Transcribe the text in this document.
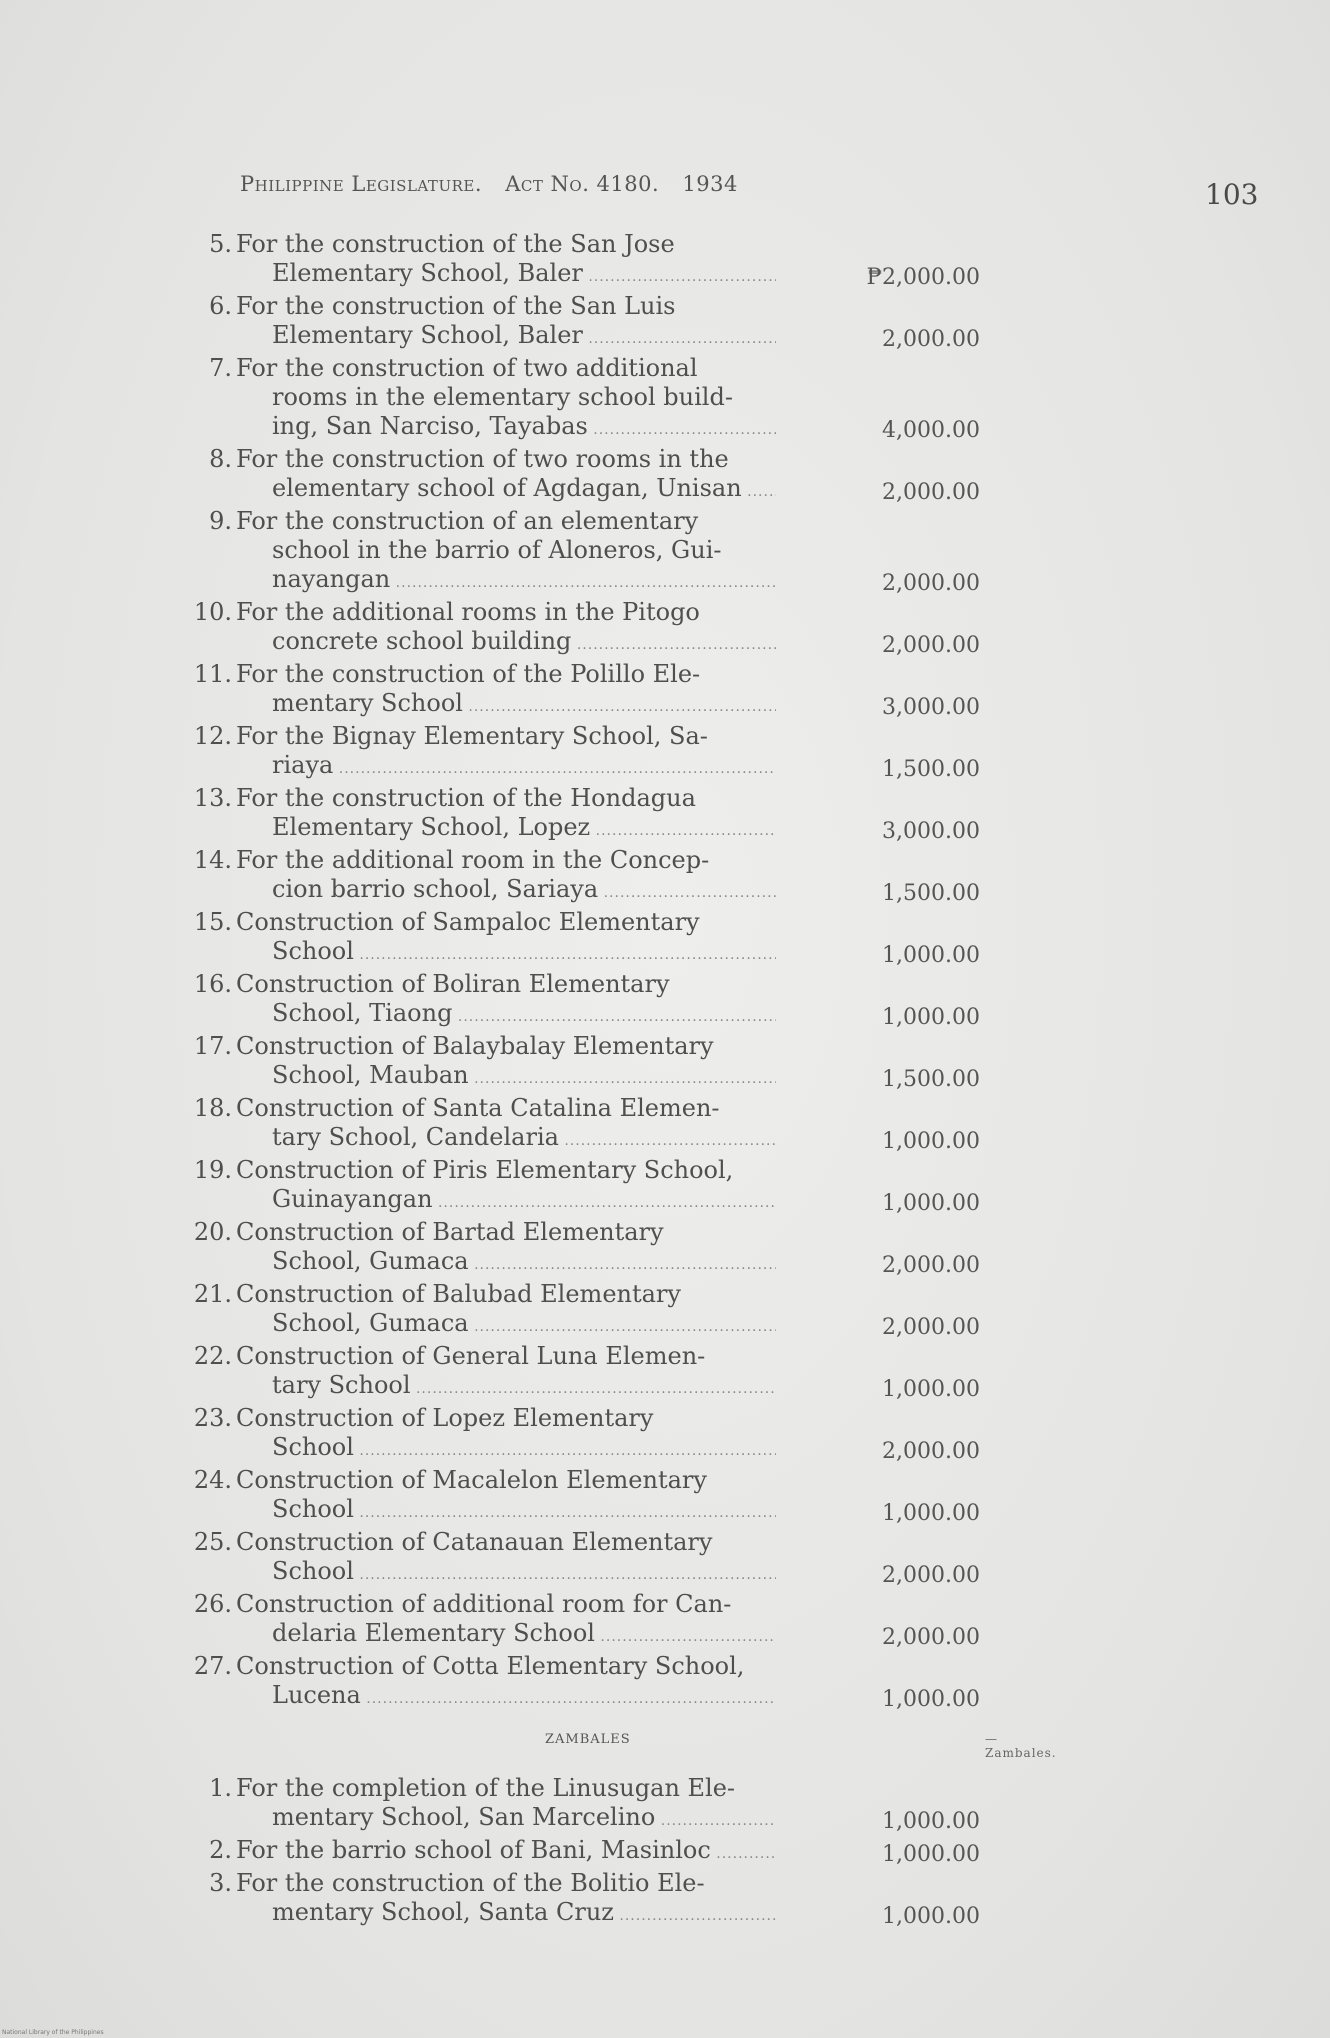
Philippine Legislature. Act No. 4180. 1934	103
5. For the construction of the San Jose
Elementary School, Baler .....	₱2,000.00
6. For the construction of the San Luis
Elementary School, Baler .....	2,000.00
7. For the construction of two additional
rooms in the elementary school build-
ing, San Narciso, Tayabas .....	4,000.00
8. For the construction of two rooms in the
elementary school of Agdagan, Unisan .....	2,000.00
9. For the construction of an elementary
school in the barrio of Aloneros, Gui-
nayangan .....	2,000.00
10. For the additional rooms in the Pitogo
concrete school building .....	2,000.00
11. For the construction of the Polillo Ele-
mentary School .....	3,000.00
12. For the Bignay Elementary School, Sa-
riaya .....	1,500.00
13. For the construction of the Hondagua
Elementary School, Lopez .....	3,000.00
14. For the additional room in the Concep-
cion barrio school, Sariaya .....	1,500.00
15. Construction of Sampaloc Elementary
School .....	1,000.00
16. Construction of Boliran Elementary
School, Tiaong .....	1,000.00
17. Construction of Balaybalay Elementary
School, Mauban .....	1,500.00
18. Construction of Santa Catalina Elemen-
tary School, Candelaria .....	1,000.00
19. Construction of Piris Elementary School,
Guinayangan .....	1,000.00
20. Construction of Bartad Elementary
School, Gumaca .....	2,000.00
21. Construction of Balubad Elementary
School, Gumaca .....	2,000.00
22. Construction of General Luna Elemen-
tary School .....	1,000.00
23. Construction of Lopez Elementary
School .....	2,000.00
24. Construction of Macalelon Elementary
School .....	1,000.00
25. Construction of Catanauan Elementary
School .....	2,000.00
26. Construction of additional room for Can-
delaria Elementary School .....	2,000.00
27. Construction of Cotta Elementary School,
Lucena .....	1,000.00
ZAMBALES	—Zambales.
1. For the completion of the Linusugan Ele-
mentary School, San Marcelino .....	1,000.00
2. For the barrio school of Bani, Masinloc .....	1,000.00
3. For the construction of the Bolitio Ele-
mentary School, Santa Cruz .....	1,000.00
National Library of the Philippines
